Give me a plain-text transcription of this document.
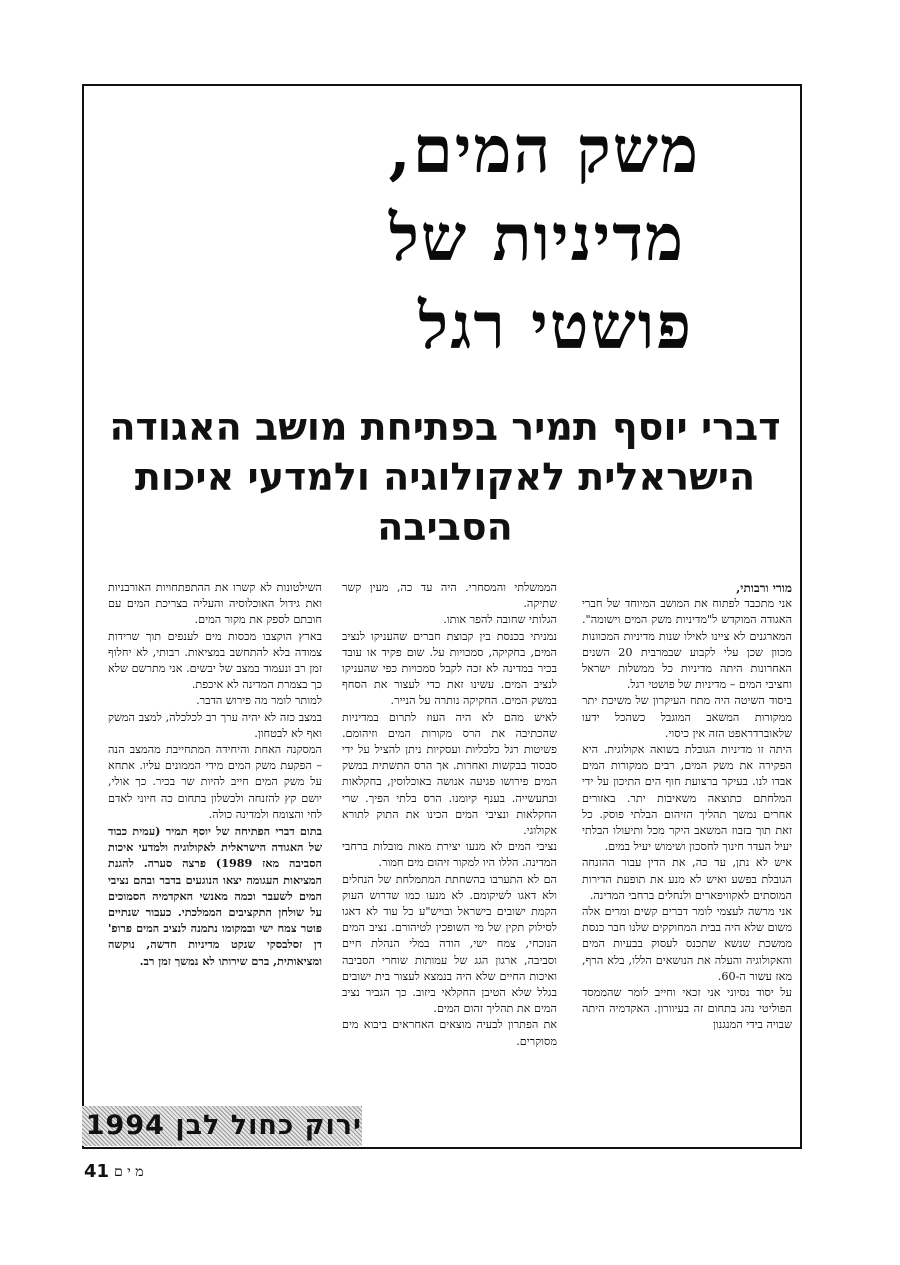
משק המים,
מדיניות של
פושטי רגל
דברי יוסף תמיר בפתיחת מושב האגודה
הישראלית לאקולוגיה ולמדעי איכות
הסביבה

מורי ורבותי,

אני מתכבד לפתוח את המושב המיוחד של חברי האגודה המוקדש ל"מדיניות משק המים וישומה". המארגנים לא ציינו לאילו שנות מדיניות המכוונות מכוון שכן עלי לקבוע שבמרבית 20 השנים האחרונות היתה מדיניות כל ממשלות ישראל וחציבי המים – מדיניות של פושטי רגל.

ביסוד השיטה היה מתח העיקרון של משיכת יתר ממקורות המשאב המוגבל כשהכל ידעו שלאוברדראפט הזה אין כיסוי.

היתה זו מדיניות הגובלת בשואה אקולוגית. היא הפקירה את משק המים, רבים ממקורות המים אבדו לנו. בעיקר ברצועת חוף הים התיכון על ידי המלחתם כתוצאה משאיבות יתר. באזורים אחרים נמשך תהליך הזיהום הבלתי פוסק. כל זאת תוך בזבוז המשאב היקר מכל ותיעולו הבלתי יעיל העדר חינוך לחסכון ושימוש יעיל במים.

איש לא נתן, עד כה, את הדין עבור ההזנחה הגובלת בפשע ואיש לא מנע את תופעת הדירות המוסתים לאקוויפארים ולנחלים ברחבי המדינה.

אני מרשה לעצמי לומר דברים קשים ומרים אלה משום שלא היה בבית המחוקקים שלנו חבר כנסת ממשכת שנשא שתכנס לעסוק בבעיות המים והאקולוגיה והעלה את הנושאים הללו, בלא הרף, מאז עשור ה-60.

על יסוד נסיוני אני זכאי וחייב לומר שהממסד הפוליטי נהג בתחום זה בעיוורון. האקדמיה היתה שבויה בידי המנגנון

הממשלתי והמסחרי. היה עד כה, מעין קשר שתיקה.

הגלותי שחובה להפר אותו.

נמניתי בכנסת בין קבוצת חברים שהעניקו לנציב המים, בחקיקה, סמכויות על. שום פקיד או עובד בכיר במדינה לא זכה לקבל סמכויות כפי שהעניקו לנציב המים. עשינו זאת כדי לעצור את הסחף במשק המים. החקיקה נותרה על הנייר.

לאיש מהם לא היה העוז לתרום במדיניות שהכתיבה את הרס מקורות המים וזיהומם. פשיטות רגל כלכליות ועסקיות ניתן להציל על ידי סבסוד בבקשות ואחרות. אך הרס התשתית במשק המים פירושו פגיעה אנושה באוכלוסין, בחקלאות ובתעשייה. בענף קיומנו. הרס בלתי הפיך. שרי החקלאות ונציבי המים הכינו את התוק לתורא אקולוגי.

נציבי המים לא מנעו יצירת מאות מובלות ברחבי המדינה. הללו היו למקור זיהום מים חמור.

הם לא התערבו בהשחתת המתמלחת של הנחלים ולא דאגו לשיקומם. לא מנעו כמו שדרוש העוק הקמת ישובים בישראל ובויש"ע כל עוד לא דאגו לסילוק תקין של מי השופכין לטיהורם. נציב המים הנוכחי, צמח ישי, הודה במלי הנהלת חיים וסביבה, ארגון הגג של עמותות שוחרי הסביבה ואיכות החיים שלא היה בנמצא לעצור בית ישובים בגלל שלא הטיבן החקלאי ביזוב. כך הגביר נציב המים את תהליך זהום המים.

את הפתרון לבעיה מוצאים האחראים ביבוא מים מסוקרים.

השילטונות לא קשרו את ההתפתחויות האורבניות ואת גידול האוכלוסיה והעליה בצריכת המים עם חובתם לספק את מקור המים.

בארץ הוקצבו מכסות מים לענפים תוך שרידות צמודה בלא להתחשב במציאות. רבותי, לא יחלוף זמן רב ונעמוד במצב של יבשים. אני מתרשם שלא כך בצמרת המדינה לא איכפת.

למותר לומר מה פירוש הדבר.

במצב כזה לא יהיה ערך רב לכלכלה, למצב המשק ואף לא לבטחון.

המסקנה האחת והיחידה המתחייבת מהמצב הנה – הפקעת משק המים מידי הממונים עליו. אתחא על משק המים חייב להיות שר בכיר. כך אולי, יושם קץ להזנחה ולכשלון בתחום כה חיוני לאדם לחי והצומח ולמדינה כולה.

בתום דברי הפתיחה של יוסף תמיר (עמית כבוד של האגודה הישראלית לאקולוגיה ולמדעי איכות הסביבה מאז 1989) פרצה סערה. להגנת המציאות העגומה יצאו הנוגעים בדבר ובהם נציבי המים לשעבר וכמה מאנשי האקדמיה הסמוכים על שולחן התקציבים הממלכתי. כעבור שנתיים פוטר צמח ישי ובמקומו נתמנה לנציב המים פרופ' דן זסלבסקי שנקט מדיניות חדשה, נוקשה ומציאותית, ברם שירותו לא נמשך זמן רב.

ירוק כחול לבן 1994
41 מ י ם
